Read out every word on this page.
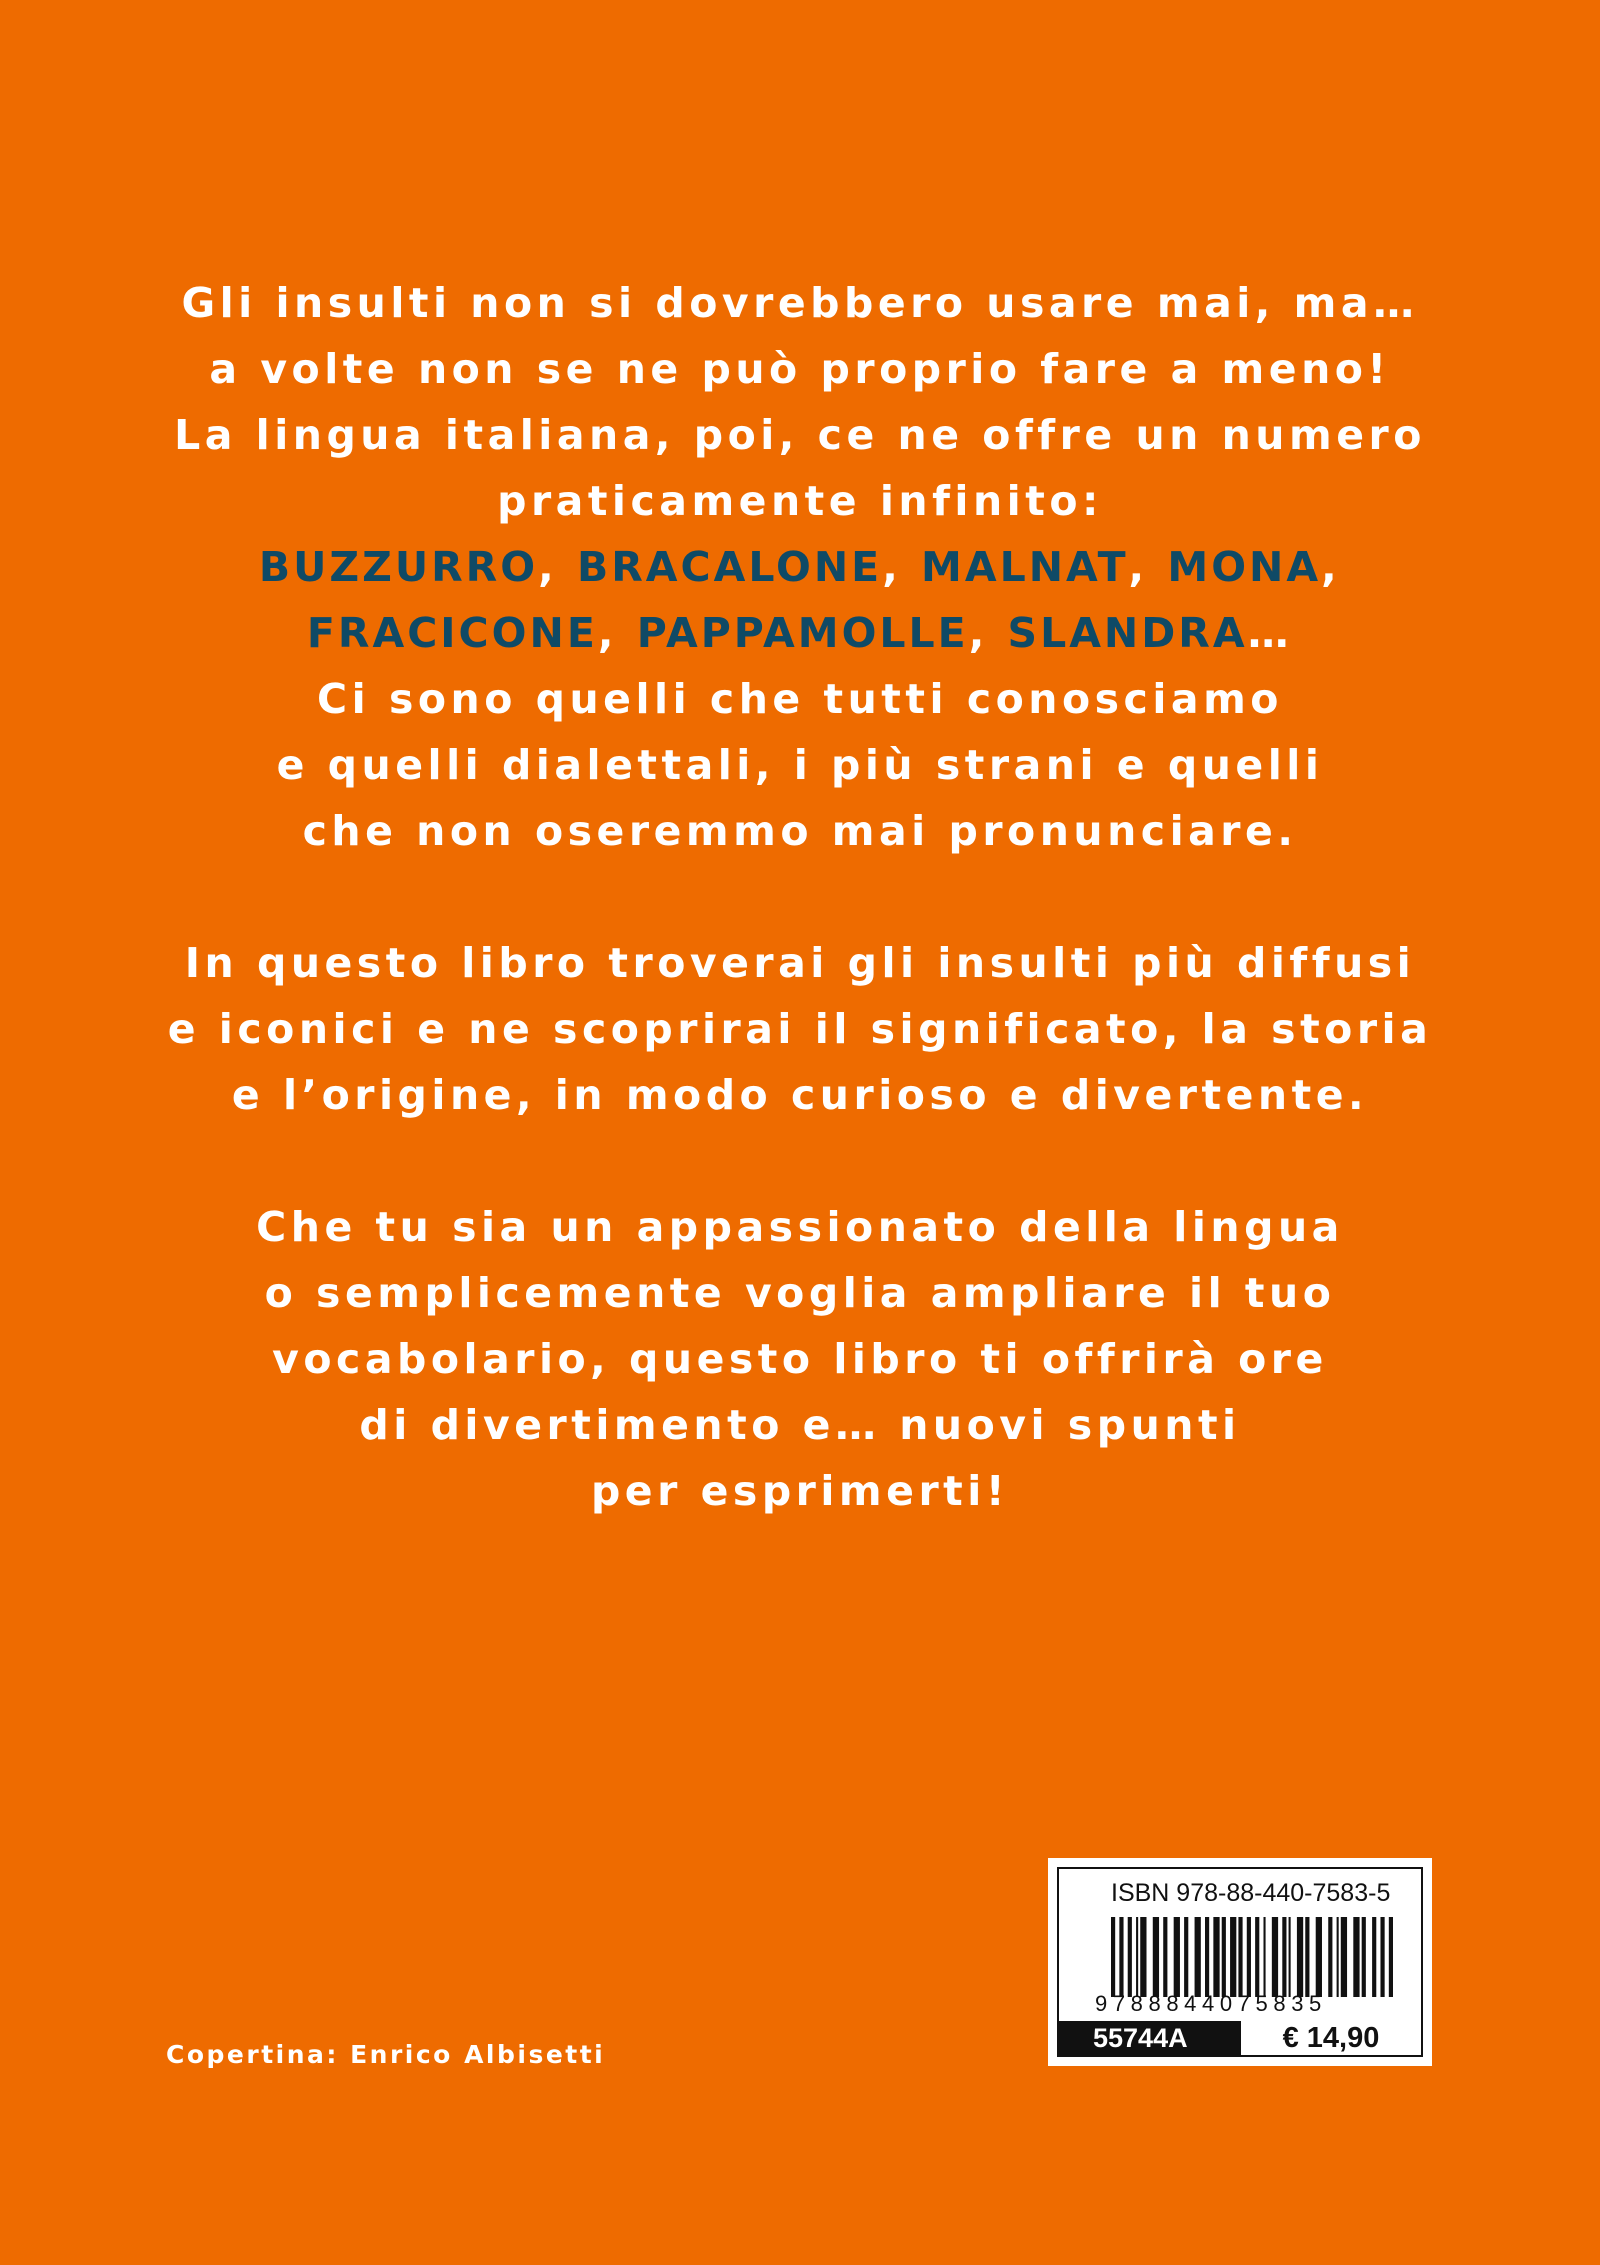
Gli insulti non si dovrebbero usare mai, ma…
a volte non se ne può proprio fare a meno!
La lingua italiana, poi, ce ne offre un numero
praticamente infinito:
BUZZURRO, BRACALONE, MALNAT, MONA,
FRACICONE, PAPPAMOLLE, SLANDRA…
Ci sono quelli che tutti conosciamo
e quelli dialettali, i più strani e quelli
che non oseremmo mai pronunciare.
In questo libro troverai gli insulti più diffusi
e iconici e ne scoprirai il significato, la storia
e l’origine, in modo curioso e divertente.
Che tu sia un appassionato della lingua
o semplicemente voglia ampliare il tuo
vocabolario, questo libro ti offrirà ore
di divertimento e… nuovi spunti
per esprimerti!
Copertina: Enrico Albisetti
ISBN 978-88-440-7583-5
9788844075835
55744A	€ 14,90
